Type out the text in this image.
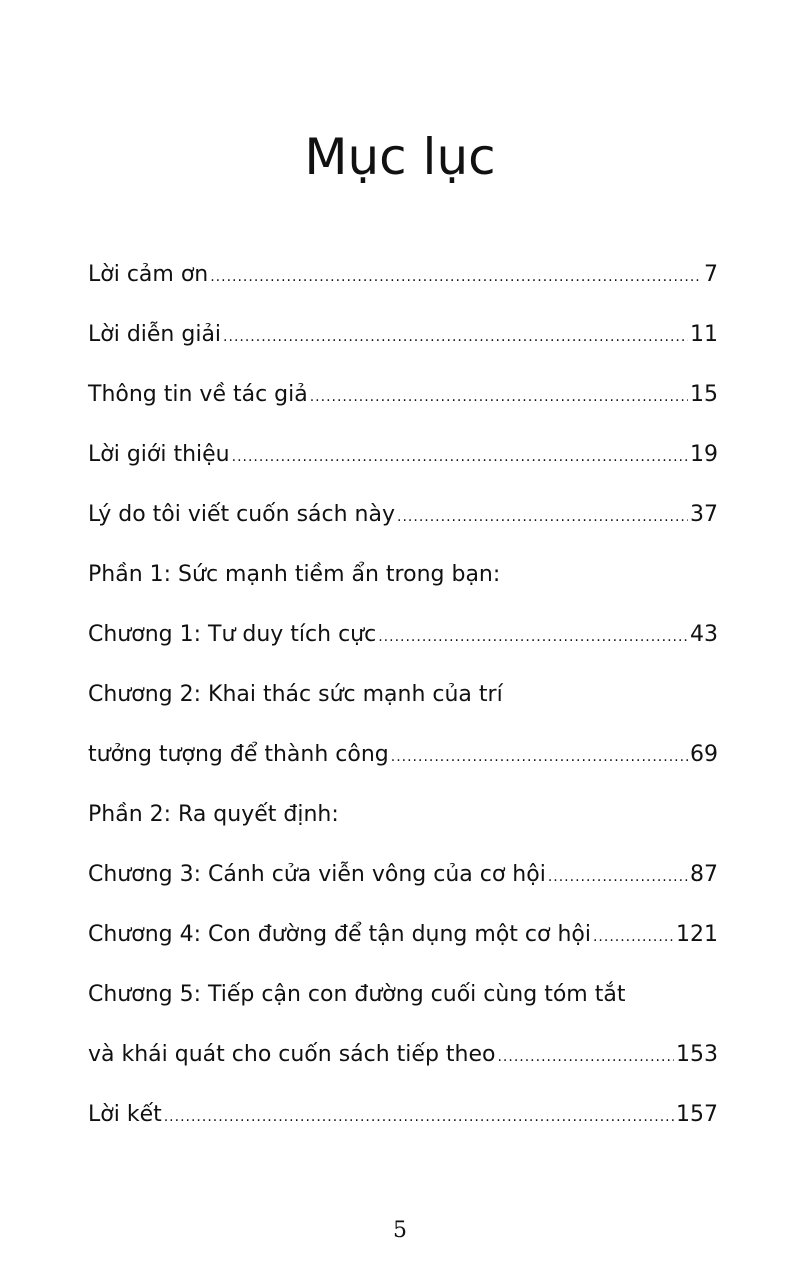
Mục lục
Lời cảm ơn .....	7
Lời diễn giải .....	11
Thông tin về tác giả .....	15
Lời giới thiệu .....	19
Lý do tôi viết cuốn sách này .....	37
Phần 1: Sức mạnh tiềm ẩn trong bạn:
Chương 1: Tư duy tích cực .....	43
Chương 2: Khai thác sức mạnh của trí
tưởng tượng để thành công .....	69
Phần 2: Ra quyết định:
Chương 3: Cánh cửa viễn vông của cơ hội .....	87
Chương 4: Con đường để tận dụng một cơ hội .....	121
Chương 5: Tiếp cận con đường cuối cùng tóm tắt
và khái quát cho cuốn sách tiếp theo .....	153
Lời kết .....	157
5
